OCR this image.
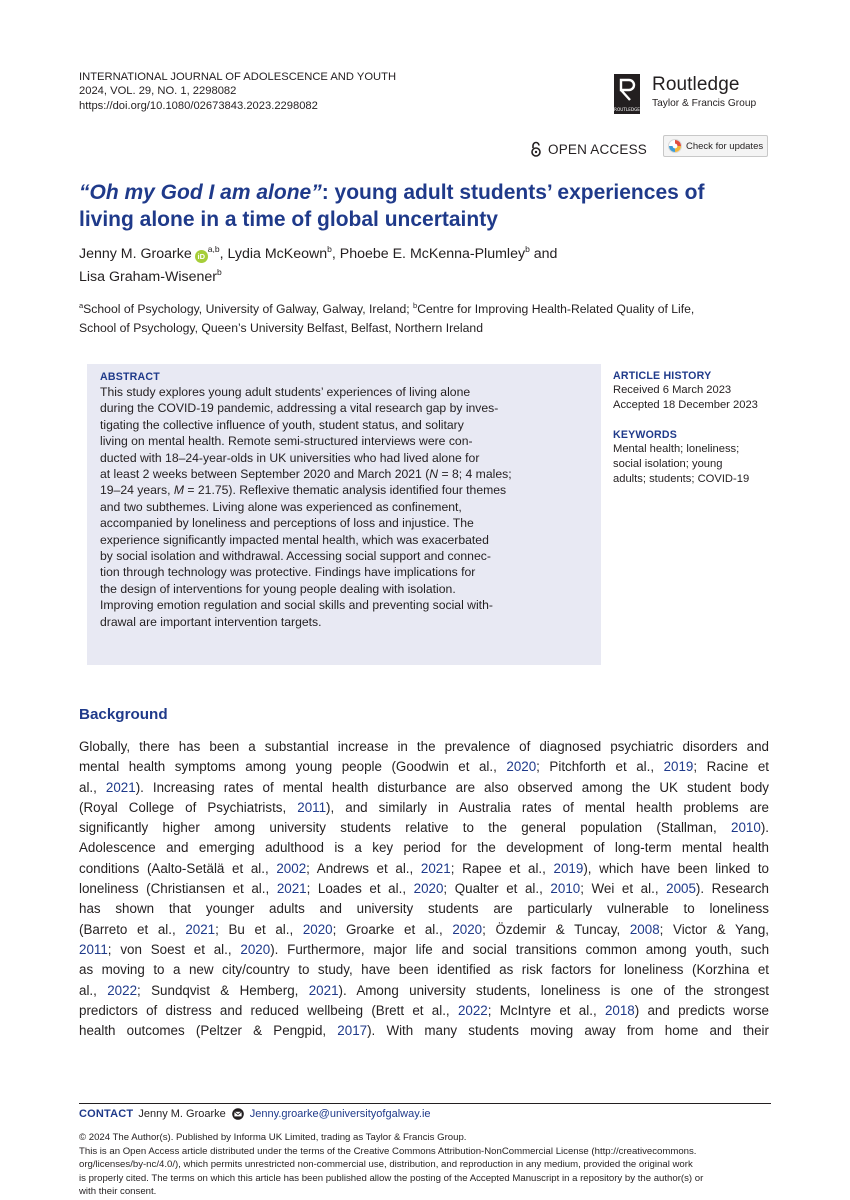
INTERNATIONAL JOURNAL OF ADOLESCENCE AND YOUTH
2024, VOL. 29, NO. 1, 2298082
https://doi.org/10.1080/02673843.2023.2298082	ROUTLEDGE
Routledge
Taylor & Francis Group
OPEN ACCESS	Check for updates
“Oh my God I am alone”: young adult students’ experiences of
living alone in a time of global uncertainty
Jenny M. Groarke iD$^{a,b}$, Lydia McKeown$^b$, Phoebe E. McKenna-Plumley$^b$ and
Lisa Graham-Wisener$^b$
$^a$School of Psychology, University of Galway, Galway, Ireland; $^b$Centre for Improving Health-Related Quality of Life,
School of Psychology, Queen’s University Belfast, Belfast, Northern Ireland
ABSTRACT
This study explores young adult students’ experiences of living alone
during the COVID-19 pandemic, addressing a vital research gap by inves-
tigating the collective influence of youth, student status, and solitary
living on mental health. Remote semi-structured interviews were con-
ducted with 18–24-year-olds in UK universities who had lived alone for
at least 2 weeks between September 2020 and March 2021 (N = 8; 4 males;
19–24 years, M = 21.75). Reflexive thematic analysis identified four themes
and two subthemes. Living alone was experienced as confinement,
accompanied by loneliness and perceptions of loss and injustice. The
experience significantly impacted mental health, which was exacerbated
by social isolation and withdrawal. Accessing social support and connec-
tion through technology was protective. Findings have implications for
the design of interventions for young people dealing with isolation.
Improving emotion regulation and social skills and preventing social with-
drawal are important intervention targets.
ARTICLE HISTORY
Received 6 March 2023
Accepted 18 December 2023
KEYWORDS
Mental health; loneliness;
social isolation; young
adults; students; COVID-19
Background
Globally, there has been a substantial increase in the prevalence of diagnosed psychiatric disorders and
mental health symptoms among young people (Goodwin et al., 2020; Pitchforth et al., 2019; Racine et
al., 2021). Increasing rates of mental health disturbance are also observed among the UK student body
(Royal College of Psychiatrists, 2011), and similarly in Australia rates of mental health problems are
significantly higher among university students relative to the general population (Stallman, 2010).
Adolescence and emerging adulthood is a key period for the development of long-term mental health
conditions (Aalto-Setälä et al., 2002; Andrews et al., 2021; Rapee et al., 2019), which have been linked to
loneliness (Christiansen et al., 2021; Loades et al., 2020; Qualter et al., 2010; Wei et al., 2005). Research
has shown that younger adults and university students are particularly vulnerable to loneliness
(Barreto et al., 2021; Bu et al., 2020; Groarke et al., 2020; Özdemir & Tuncay, 2008; Victor & Yang,
2011; von Soest et al., 2020). Furthermore, major life and social transitions common among youth, such
as moving to a new city/country to study, have been identified as risk factors for loneliness (Korzhina et
al., 2022; Sundqvist & Hemberg, 2021). Among university students, loneliness is one of the strongest
predictors of distress and reduced wellbeing (Brett et al., 2022; McIntyre et al., 2018) and predicts worse
health outcomes (Peltzer & Pengpid, 2017). With many students moving away from home and their
CONTACT Jenny M. Groarke Jenny.groarke@universityofgalway.ie
© 2024 The Author(s). Published by Informa UK Limited, trading as Taylor & Francis Group.
This is an Open Access article distributed under the terms of the Creative Commons Attribution-NonCommercial License (http://creativecommons.
org/licenses/by-nc/4.0/), which permits unrestricted non-commercial use, distribution, and reproduction in any medium, provided the original work
is properly cited. The terms on which this article has been published allow the posting of the Accepted Manuscript in a repository by the author(s) or
with their consent.
